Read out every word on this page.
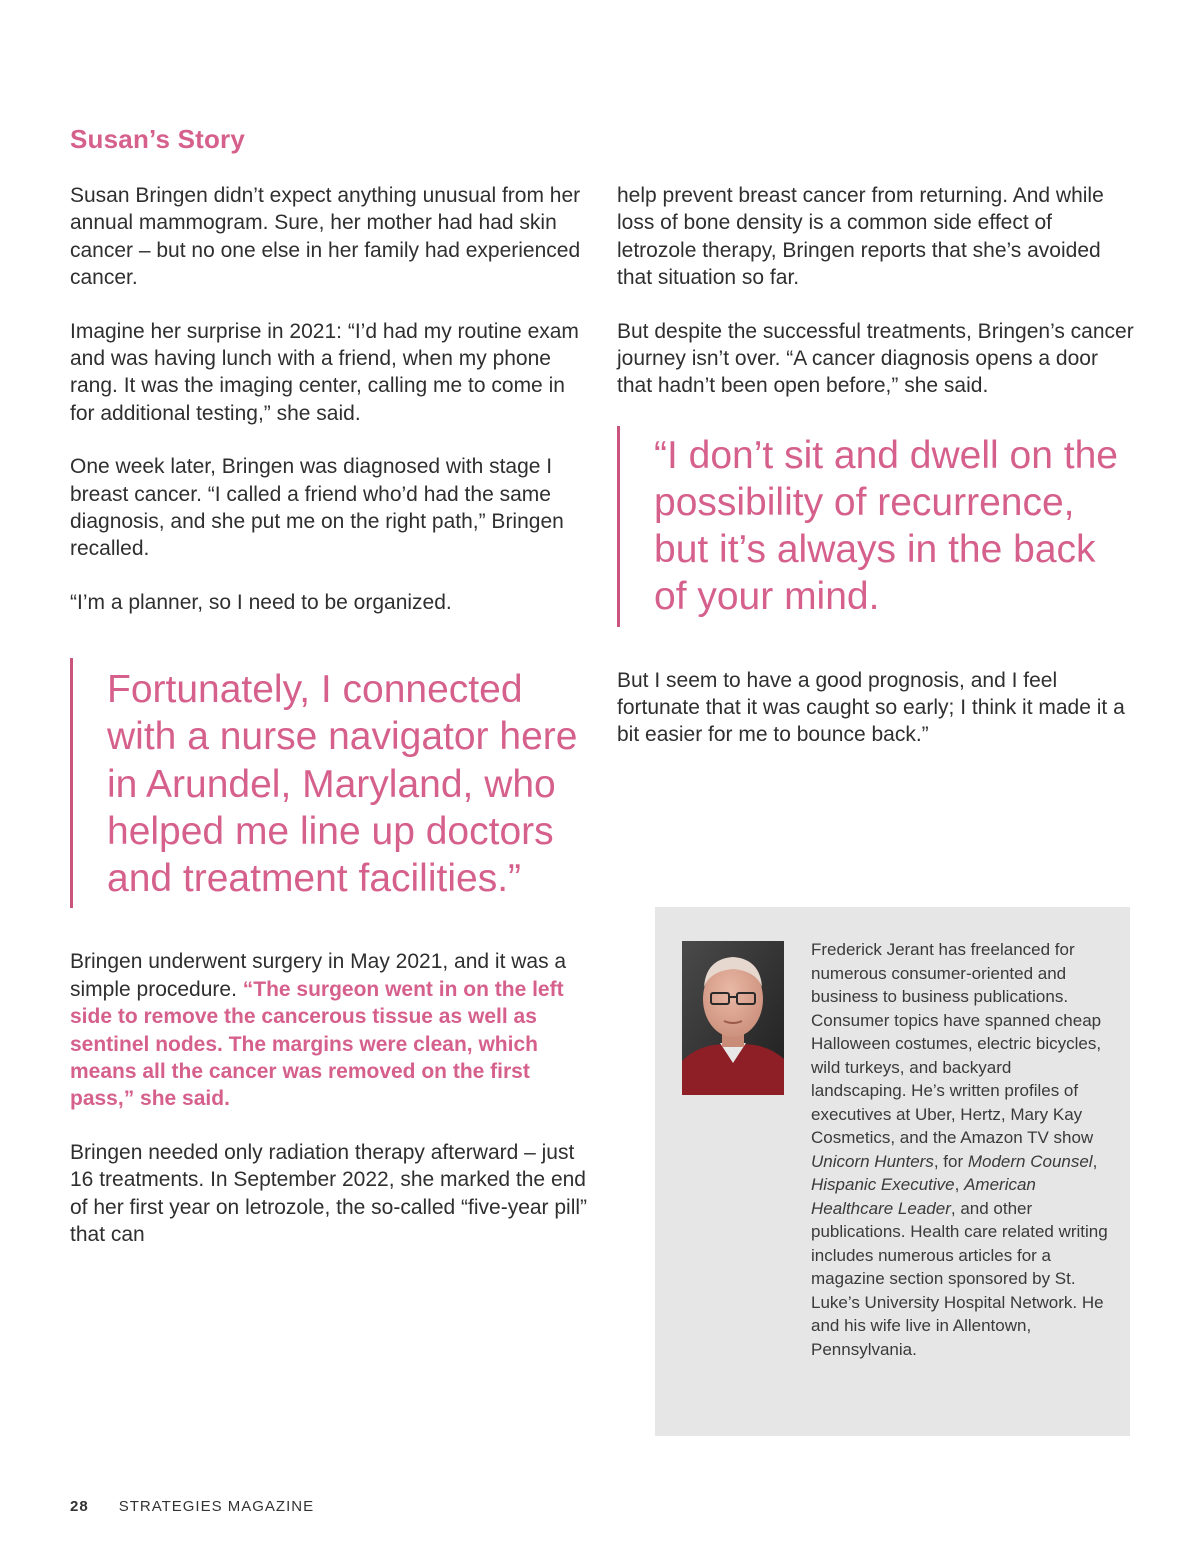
Susan’s Story

Susan Bringen didn’t expect anything unusual from her annual mammogram. Sure, her mother had had skin cancer – but no one else in her family had experienced cancer.

Imagine her surprise in 2021: “I’d had my routine exam and was having lunch with a friend, when my phone rang. It was the imaging center, calling me to come in for additional testing,” she said.

One week later, Bringen was diagnosed with stage I breast cancer. “I called a friend who’d had the same diagnosis, and she put me on the right path,” Bringen recalled.

“I’m a planner, so I need to be organized.

Fortunately, I connected with a nurse navigator here in Arundel, Maryland, who helped me line up doctors and treatment facilities.”

Bringen underwent surgery in May 2021, and it was a simple procedure. “The surgeon went in on the left side to remove the cancerous tissue as well as sentinel nodes. The margins were clean, which means all the cancer was removed on the first pass,” she said.

Bringen needed only radiation therapy afterward – just 16 treatments. In September 2022, she marked the end of her first year on letrozole, the so-called “five-year pill” that can

help prevent breast cancer from returning. And while loss of bone density is a common side effect of letrozole therapy, Bringen reports that she’s avoided that situation so far.

But despite the successful treatments, Bringen’s cancer journey isn’t over. “A cancer diagnosis opens a door that hadn’t been open before,” she said.

“I don’t sit and dwell on the possibility of recurrence, but it’s always in the back of your mind.

But I seem to have a good prognosis, and I feel fortunate that it was caught so early; I think it made it a bit easier for me to bounce back.”

Frederick Jerant has freelanced for numerous consumer-oriented and business to business publications. Consumer topics have spanned cheap Halloween costumes, electric bicycles, wild turkeys, and backyard landscaping. He’s written profiles of executives at Uber, Hertz, Mary Kay Cosmetics, and the Amazon TV show Unicorn Hunters, for Modern Counsel, Hispanic Executive, American Healthcare Leader, and other publications. Health care related writing includes numerous articles for a magazine section sponsored by St. Luke’s University Hospital Network. He and his wife live in Allentown, Pennsylvania.

28 STRATEGIES MAGAZINE
